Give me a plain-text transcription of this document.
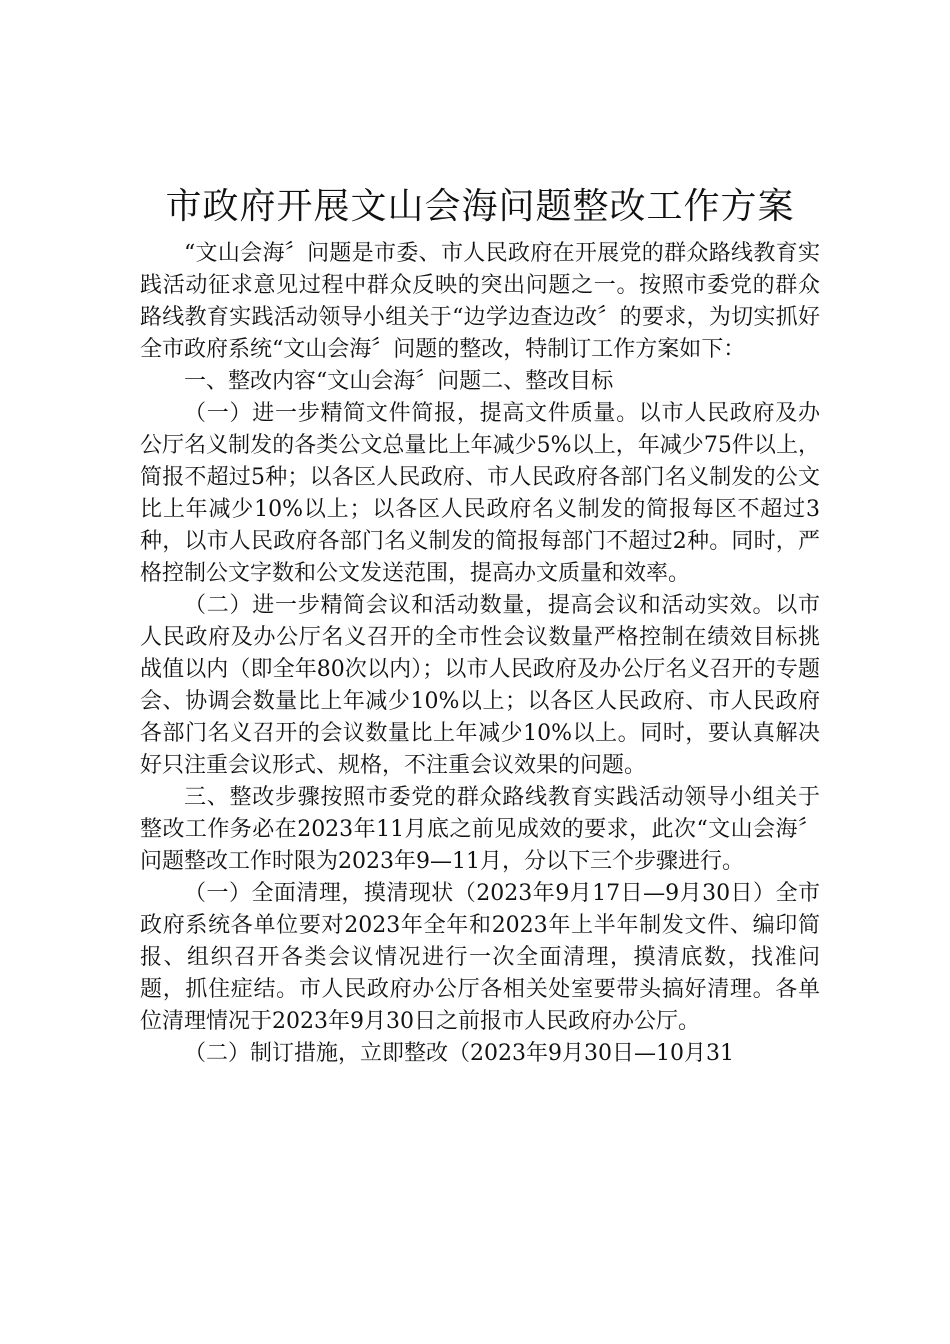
市政府开展文山会海问题整改工作方案

“文山会海〞问题是市委、市人民政府在开展党的群众路线教育实践活动征求意见过程中群众反映的突出问题之一。按照市委党的群众路线教育实践活动领导小组关于“边学边查边改〞的要求，为切实抓好全市政府系统“文山会海〞问题的整改，特制订工作方案如下：

一、整改内容“文山会海〞问题二、整改目标

（一）进一步精简文件简报，提高文件质量。以市人民政府及办公厅名义制发的各类公文总量比上年减少5%以上，年减少75件以上，简报不超过5种；以各区人民政府、市人民政府各部门名义制发的公文比上年减少10%以上；以各区人民政府名义制发的简报每区不超过3种，以市人民政府各部门名义制发的简报每部门不超过2种。同时，严格控制公文字数和公文发送范围，提高办文质量和效率。

（二）进一步精简会议和活动数量，提高会议和活动实效。以市人民政府及办公厅名义召开的全市性会议数量严格控制在绩效目标挑战值以内（即全年80次以内）；以市人民政府及办公厅名义召开的专题会、协调会数量比上年减少10%以上；以各区人民政府、市人民政府各部门名义召开的会议数量比上年减少10%以上。同时，要认真解决好只注重会议形式、规格，不注重会议效果的问题。

三、整改步骤按照市委党的群众路线教育实践活动领导小组关于整改工作务必在2023年11月底之前见成效的要求，此次“文山会海〞问题整改工作时限为2023年9—11月，分以下三个步骤进行。

（一）全面清理，摸清现状（2023年9月17日—9月30日）全市政府系统各单位要对2023年全年和2023年上半年制发文件、编印简报、组织召开各类会议情况进行一次全面清理，摸清底数，找准问题，抓住症结。市人民政府办公厅各相关处室要带头搞好清理。各单位清理情况于2023年9月30日之前报市人民政府办公厅。

（二）制订措施，立即整改（2023年9月30日—10月31
